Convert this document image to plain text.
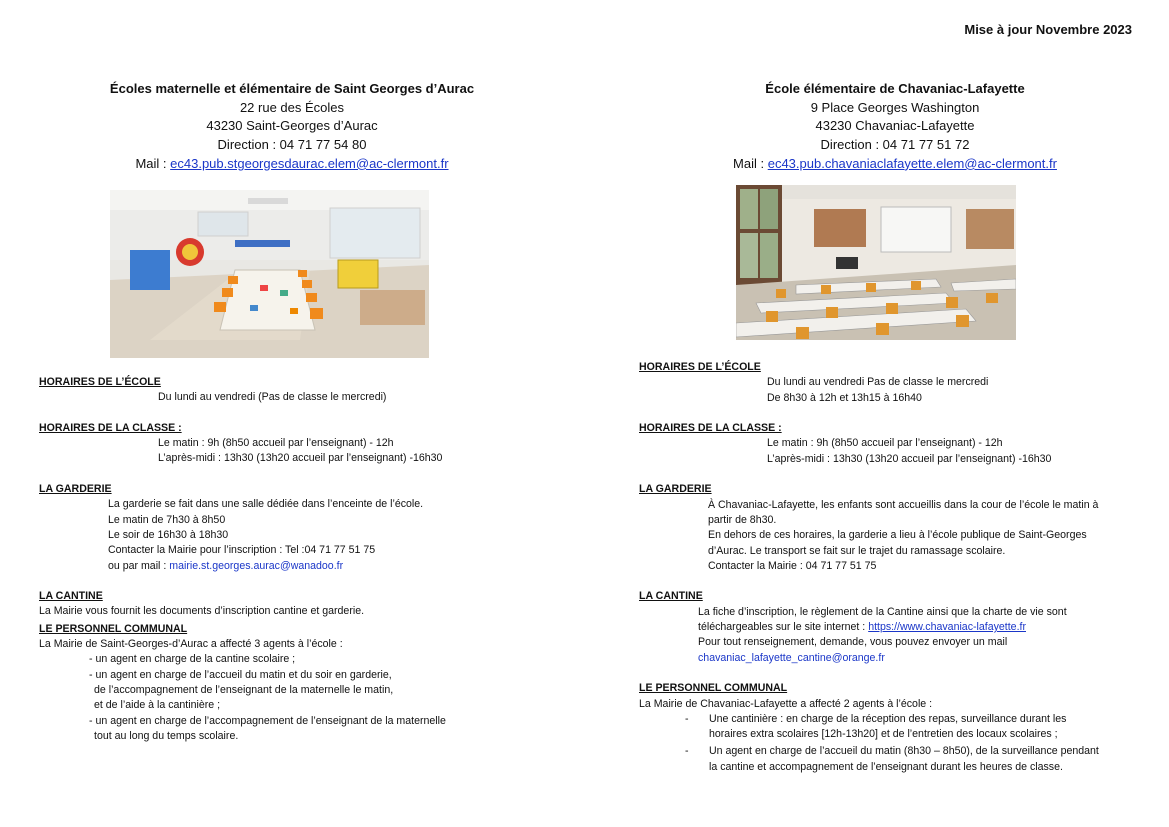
Mise à jour Novembre 2023
Écoles maternelle et élémentaire de Saint Georges d’Aurac
22 rue des Écoles
43230 Saint-Georges d’Aurac
Direction : 04 71 77 54 80
Mail : ec43.pub.stgeorgesdaurac.elem@ac-clermont.fr
HORAIRES DE L’ÉCOLE
Du lundi au vendredi (Pas de classe le mercredi)
HORAIRES DE LA CLASSE :
Le matin : 9h (8h50 accueil par l’enseignant) - 12h
L’après-midi : 13h30 (13h20 accueil par l’enseignant) -16h30
LA GARDERIE
La garderie se fait dans une salle dédiée dans l’enceinte de l’école.
Le matin de 7h30 à 8h50
Le soir de 16h30 à 18h30
Contacter la Mairie pour l’inscription : Tel :04 71 77 51 75
ou par mail : mairie.st.georges.aurac@wanadoo.fr
LA CANTINE
La Mairie vous fournit les documents d’inscription cantine et garderie.
LE PERSONNEL COMMUNAL
La Mairie de Saint-Georges-d’Aurac a affecté 3 agents à l’école :
- un agent en charge de la cantine scolaire ;
- un agent en charge de l’accueil du matin et du soir en garderie,
de l’accompagnement de l’enseignant de la maternelle le matin,
et de l’aide à la cantinière ;
- un agent en charge de l’accompagnement de l’enseignant de la maternelle
tout au long du temps scolaire.
École élémentaire de Chavaniac-Lafayette
9 Place Georges Washington
43230 Chavaniac-Lafayette
Direction : 04 71 77 51 72
Mail : ec43.pub.chavaniaclafayette.elem@ac-clermont.fr
HORAIRES DE L’ÉCOLE
Du lundi au vendredi Pas de classe le mercredi
De 8h30 à 12h et 13h15 à 16h40
HORAIRES DE LA CLASSE :
Le matin : 9h (8h50 accueil par l’enseignant) - 12h
L’après-midi : 13h30 (13h20 accueil par l’enseignant) -16h30
LA GARDERIE
À Chavaniac-Lafayette, les enfants sont accueillis dans la cour de l’école le matin à
partir de 8h30.
En dehors de ces horaires, la garderie a lieu à l’école publique de Saint-Georges
d’Aurac. Le transport se fait sur le trajet du ramassage scolaire.
Contacter la Mairie : 04 71 77 51 75
LA CANTINE
La fiche d’inscription, le règlement de la Cantine ainsi que la charte de vie sont
téléchargeables sur le site internet : https://www.chavaniac-lafayette.fr
Pour tout renseignement, demande, vous pouvez envoyer un mail
chavaniac_lafayette_cantine@orange.fr
LE PERSONNEL COMMUNAL
La Mairie de Chavaniac-Lafayette a affecté 2 agents à l’école :
- Une cantinière : en charge de la réception des repas, surveillance durant les
horaires extra scolaires [12h-13h20] et de l’entretien des locaux scolaires ;
- Un agent en charge de l’accueil du matin (8h30 – 8h50), de la surveillance pendant
la cantine et accompagnement de l’enseignant durant les heures de classe.
